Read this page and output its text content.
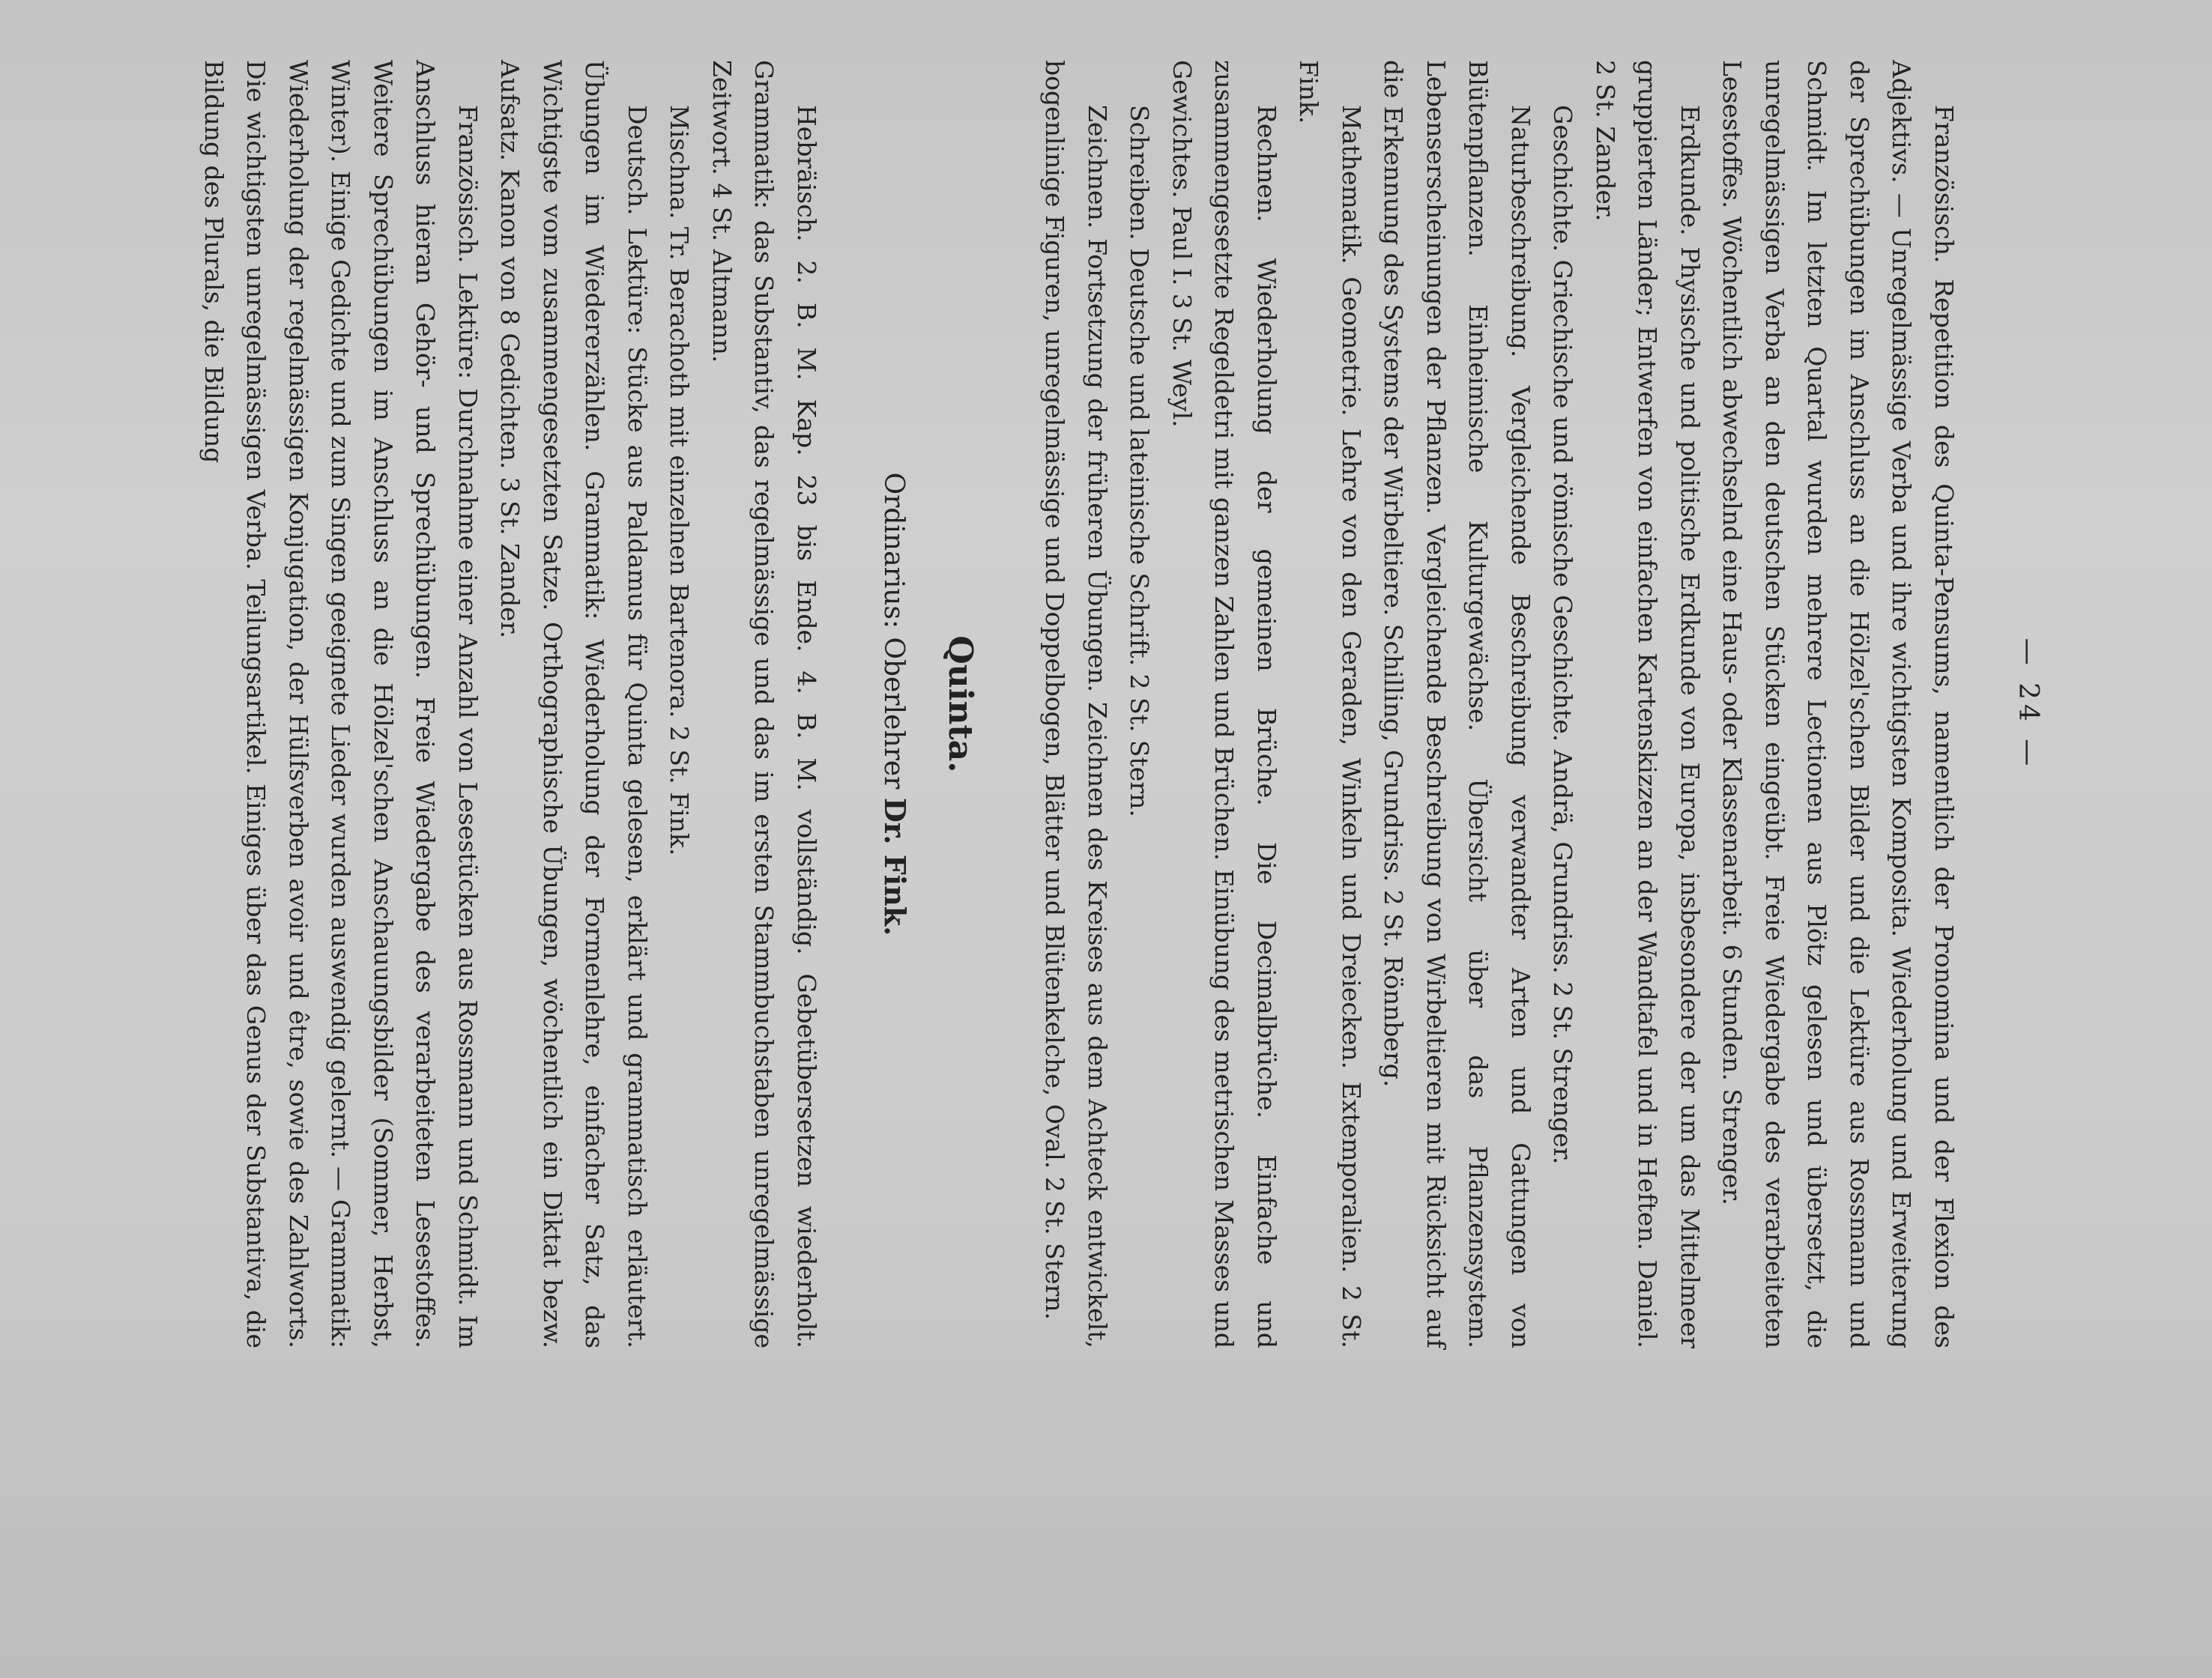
— 24 —

Französisch. Repetition des Quinta-Pensums, namentlich der Pronomina und der Flexion des Adjektivs. — Unregelmässige Verba und ihre wichtigsten Komposita. Wiederholung und Erweiterung der Sprechübungen im Anschluss an die Hölzel'schen Bilder und die Lektüre aus Rossmann und Schmidt. Im letzten Quartal wurden mehrere Lectionen aus Plötz gelesen und übersetzt, die unregelmässigen Verba an den deutschen Stücken eingeübt. Freie Wiedergabe des verarbeiteten Lesestoffes. Wöchentlich abwechselnd eine Haus- oder Klassenarbeit. 6 Stunden. Strenger.

Erdkunde. Physische und politische Erdkunde von Europa, insbesondere der um das Mittelmeer gruppierten Länder; Entwerfen von einfachen Kartenskizzen an der Wandtafel und in Heften. Daniel. 2 St. Zander.

Geschichte. Griechische und römische Geschichte. Andrä, Grundriss. 2 St. Strenger.

Naturbeschreibung. Vergleichende Beschreibung verwandter Arten und Gattungen von Blütenpflanzen. Einheimische Kulturgewächse. Übersicht über das Pflanzensystem. Lebenserscheinungen der Pflanzen. Vergleichende Beschreibung von Wirbeltieren mit Rücksicht auf die Erkennung des Systems der Wirbeltiere. Schilling, Grundriss. 2 St. Rönnberg.

Mathematik. Geometrie. Lehre von den Geraden, Winkeln und Dreiecken. Extemporalien. 2 St. Fink.

Rechnen. Wiederholung der gemeinen Brüche. Die Decimalbrüche. Einfache und zusammengesetzte Regeldetri mit ganzen Zahlen und Brüchen. Einübung des metrischen Masses und Gewichtes. Paul I. 3 St. Weyl.

Schreiben. Deutsche und lateinische Schrift. 2 St. Stern.

Zeichnen. Fortsetzung der früheren Übungen. Zeichnen des Kreises aus dem Achteck entwickelt, bogenlinige Figuren, unregelmässige und Doppelbogen, Blätter und Blütenkelche, Oval. 2 St. Stern.

Quinta.
Ordinarius: Oberlehrer Dr. Fink.

Hebräisch. 2. B. M. Kap. 23 bis Ende. 4. B. M. vollständig. Gebetübersetzen wiederholt. Grammatik: das Substantiv, das regelmässige und das im ersten Stammbuchstaben unregelmässige Zeitwort. 4 St. Altmann.

Mischna. Tr. Berachoth mit einzelnen Bartenora. 2 St. Fink.

Deutsch. Lektüre: Stücke aus Paldamus für Quinta gelesen, erklärt und grammatisch erläutert. Übungen im Wiedererzählen. Grammatik: Wiederholung der Formenlehre, einfacher Satz, das Wichtigste vom zusammengesetzten Satze. Orthographische Übungen, wöchentlich ein Diktat bezw. Aufsatz. Kanon von 8 Gedichten. 3 St. Zander.

Französisch. Lektüre: Durchnahme einer Anzahl von Lesestücken aus Rossmann und Schmidt. Im Anschluss hieran Gehör- und Sprechübungen. Freie Wiedergabe des verarbeiteten Lesestoffes. Weitere Sprechübungen im Anschluss an die Hölzel'schen Anschauungsbilder (Sommer, Herbst, Winter). Einige Gedichte und zum Singen geeignete Lieder wurden auswendig gelernt. — Grammatik: Wiederholung der regelmässigen Konjugation, der Hülfsverben avoir und être, sowie des Zahlworts. Die wichtigsten unregelmässigen Verba. Teilungsartikel. Einiges über das Genus der Substantiva, die Bildung des Plurals, die Bildung
